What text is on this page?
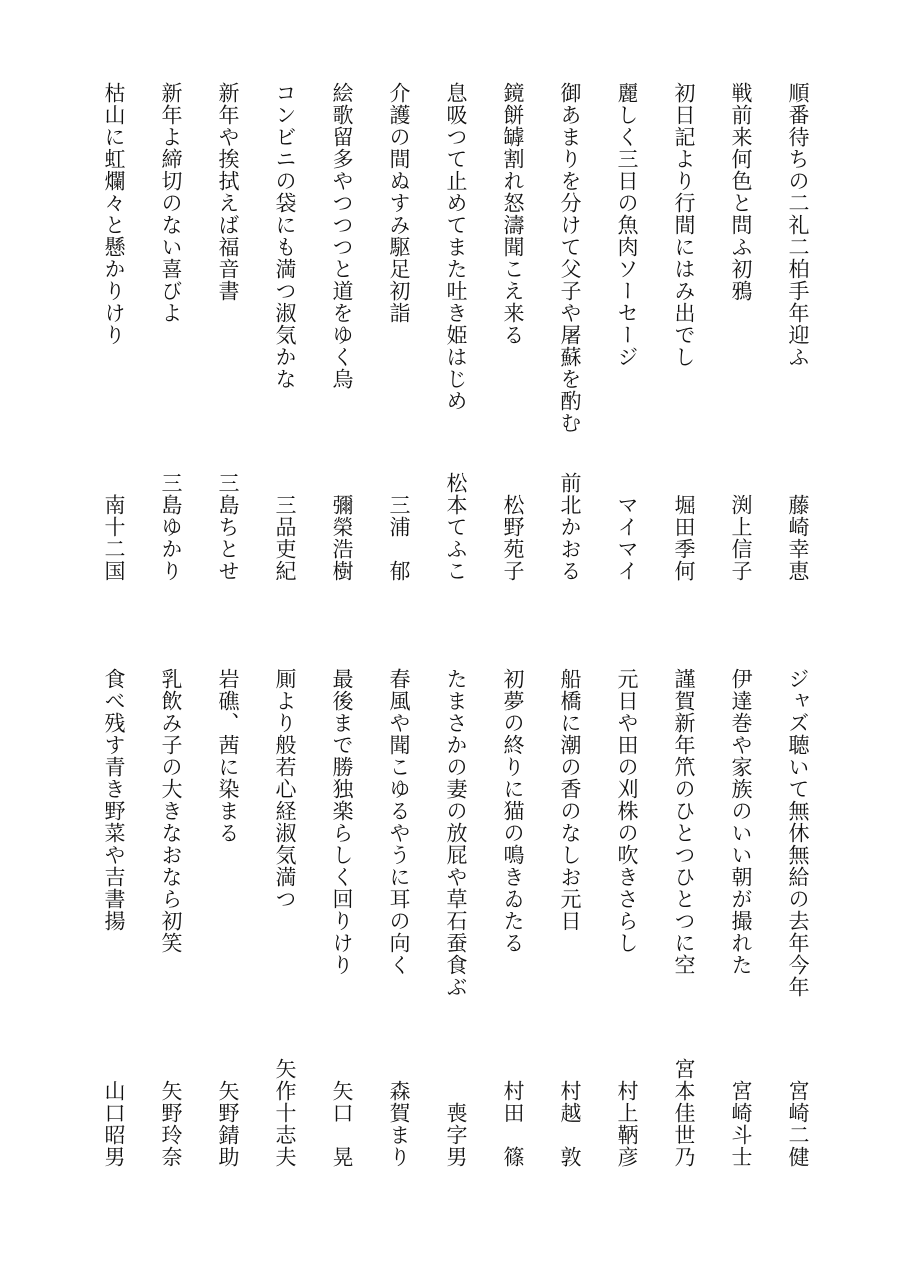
順番待ちの二礼二柏手年迎ふ
藤崎幸恵
戦前来何色と問ふ初鴉
渕上信子
初日記より行間にはみ出でし
堀田季何
麗しく三日の魚肉ソーセージ
マイマイ
御あまりを分けて父子や屠蘇を酌む
前北かおる
鏡餅罅割れ怒濤聞こえ来る
松野苑子
息吸つて止めてまた吐き姫はじめ
松本てふこ
介護の間ぬすみ駆足初詣
三浦　郁
絵歌留多やつつつと道をゆく烏
彌榮浩樹
コンビニの袋にも満つ淑気かな
三品吏紀
新年や挨拭えば福音書
三島ちとせ
新年よ締切のない喜びよ
三島ゆかり
枯山に虹爛々と懸かりけり
南十二国
ジャズ聴いて無休無給の去年今年
宮崎二健
伊達巻や家族のいい朝が撮れた
宮崎斗士
謹賀新年笊のひとつひとつに空
宮本佳世乃
元日や田の刈株の吹きさらし
村上鞆彦
船橋に潮の香のなしお元日
村越　敦
初夢の終りに猫の鳴きゐたる
村田　篠
たまさかの妻の放屁や草石蚕食ぶ
喪字男
春風や聞こゆるやうに耳の向く
森賀まり
最後まで勝独楽らしく回りけり
矢口　晃
厠より般若心経淑気満つ
矢作十志夫
岩礁、茜に染まる
矢野錆助
乳飲み子の大きなおなら初笑
矢野玲奈
食べ残す青き野菜や吉書揚
山口昭男
